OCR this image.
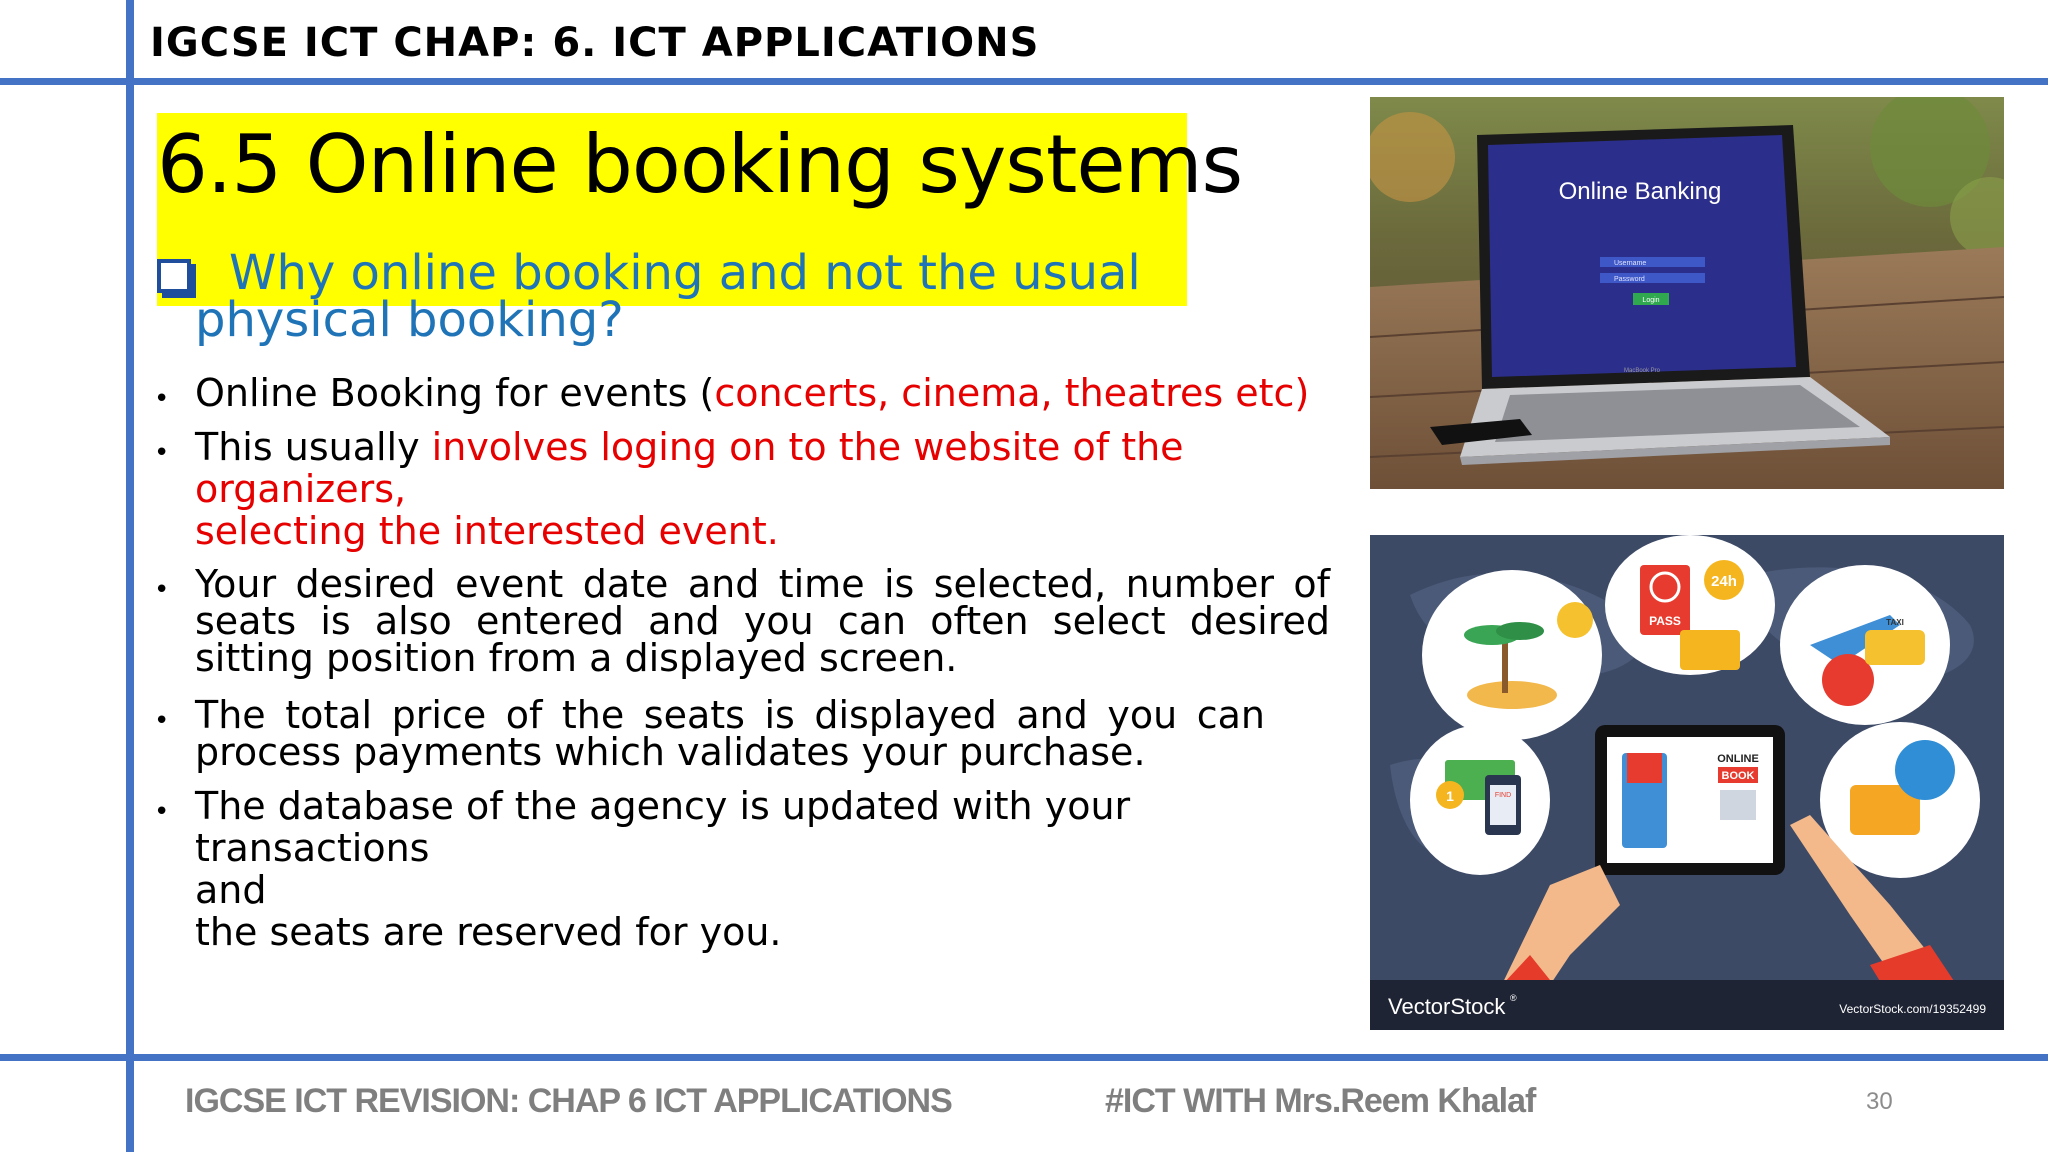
IGCSE ICT CHAP: 6. ICT APPLICATIONS
6.5 Online booking systems
Why online booking and not the usual
physical booking?
• Online Booking for events (concerts, cinema, theatres etc)
• This usually involves loging on to the website of the
organizers,
selecting the interested event.
• Your desired event date and time is selected, number of seats is also entered and you can often select desired sitting position from a displayed screen.
• The total price of the seats is displayed and you can process payments which validates your purchase.
• The database of the agency is updated with your transactions
and
the seats are reserved for you.
Online Banking
Username
Password
Login
MacBook Pro
PASS
24h
TAXI
1	FIND
ONLINE
BOOK
VectorStock ®
VectorStock.com/19352499
IGCSE ICT REVISION: CHAP 6 ICT APPLICATIONS	#ICT WITH Mrs.Reem Khalaf	30
